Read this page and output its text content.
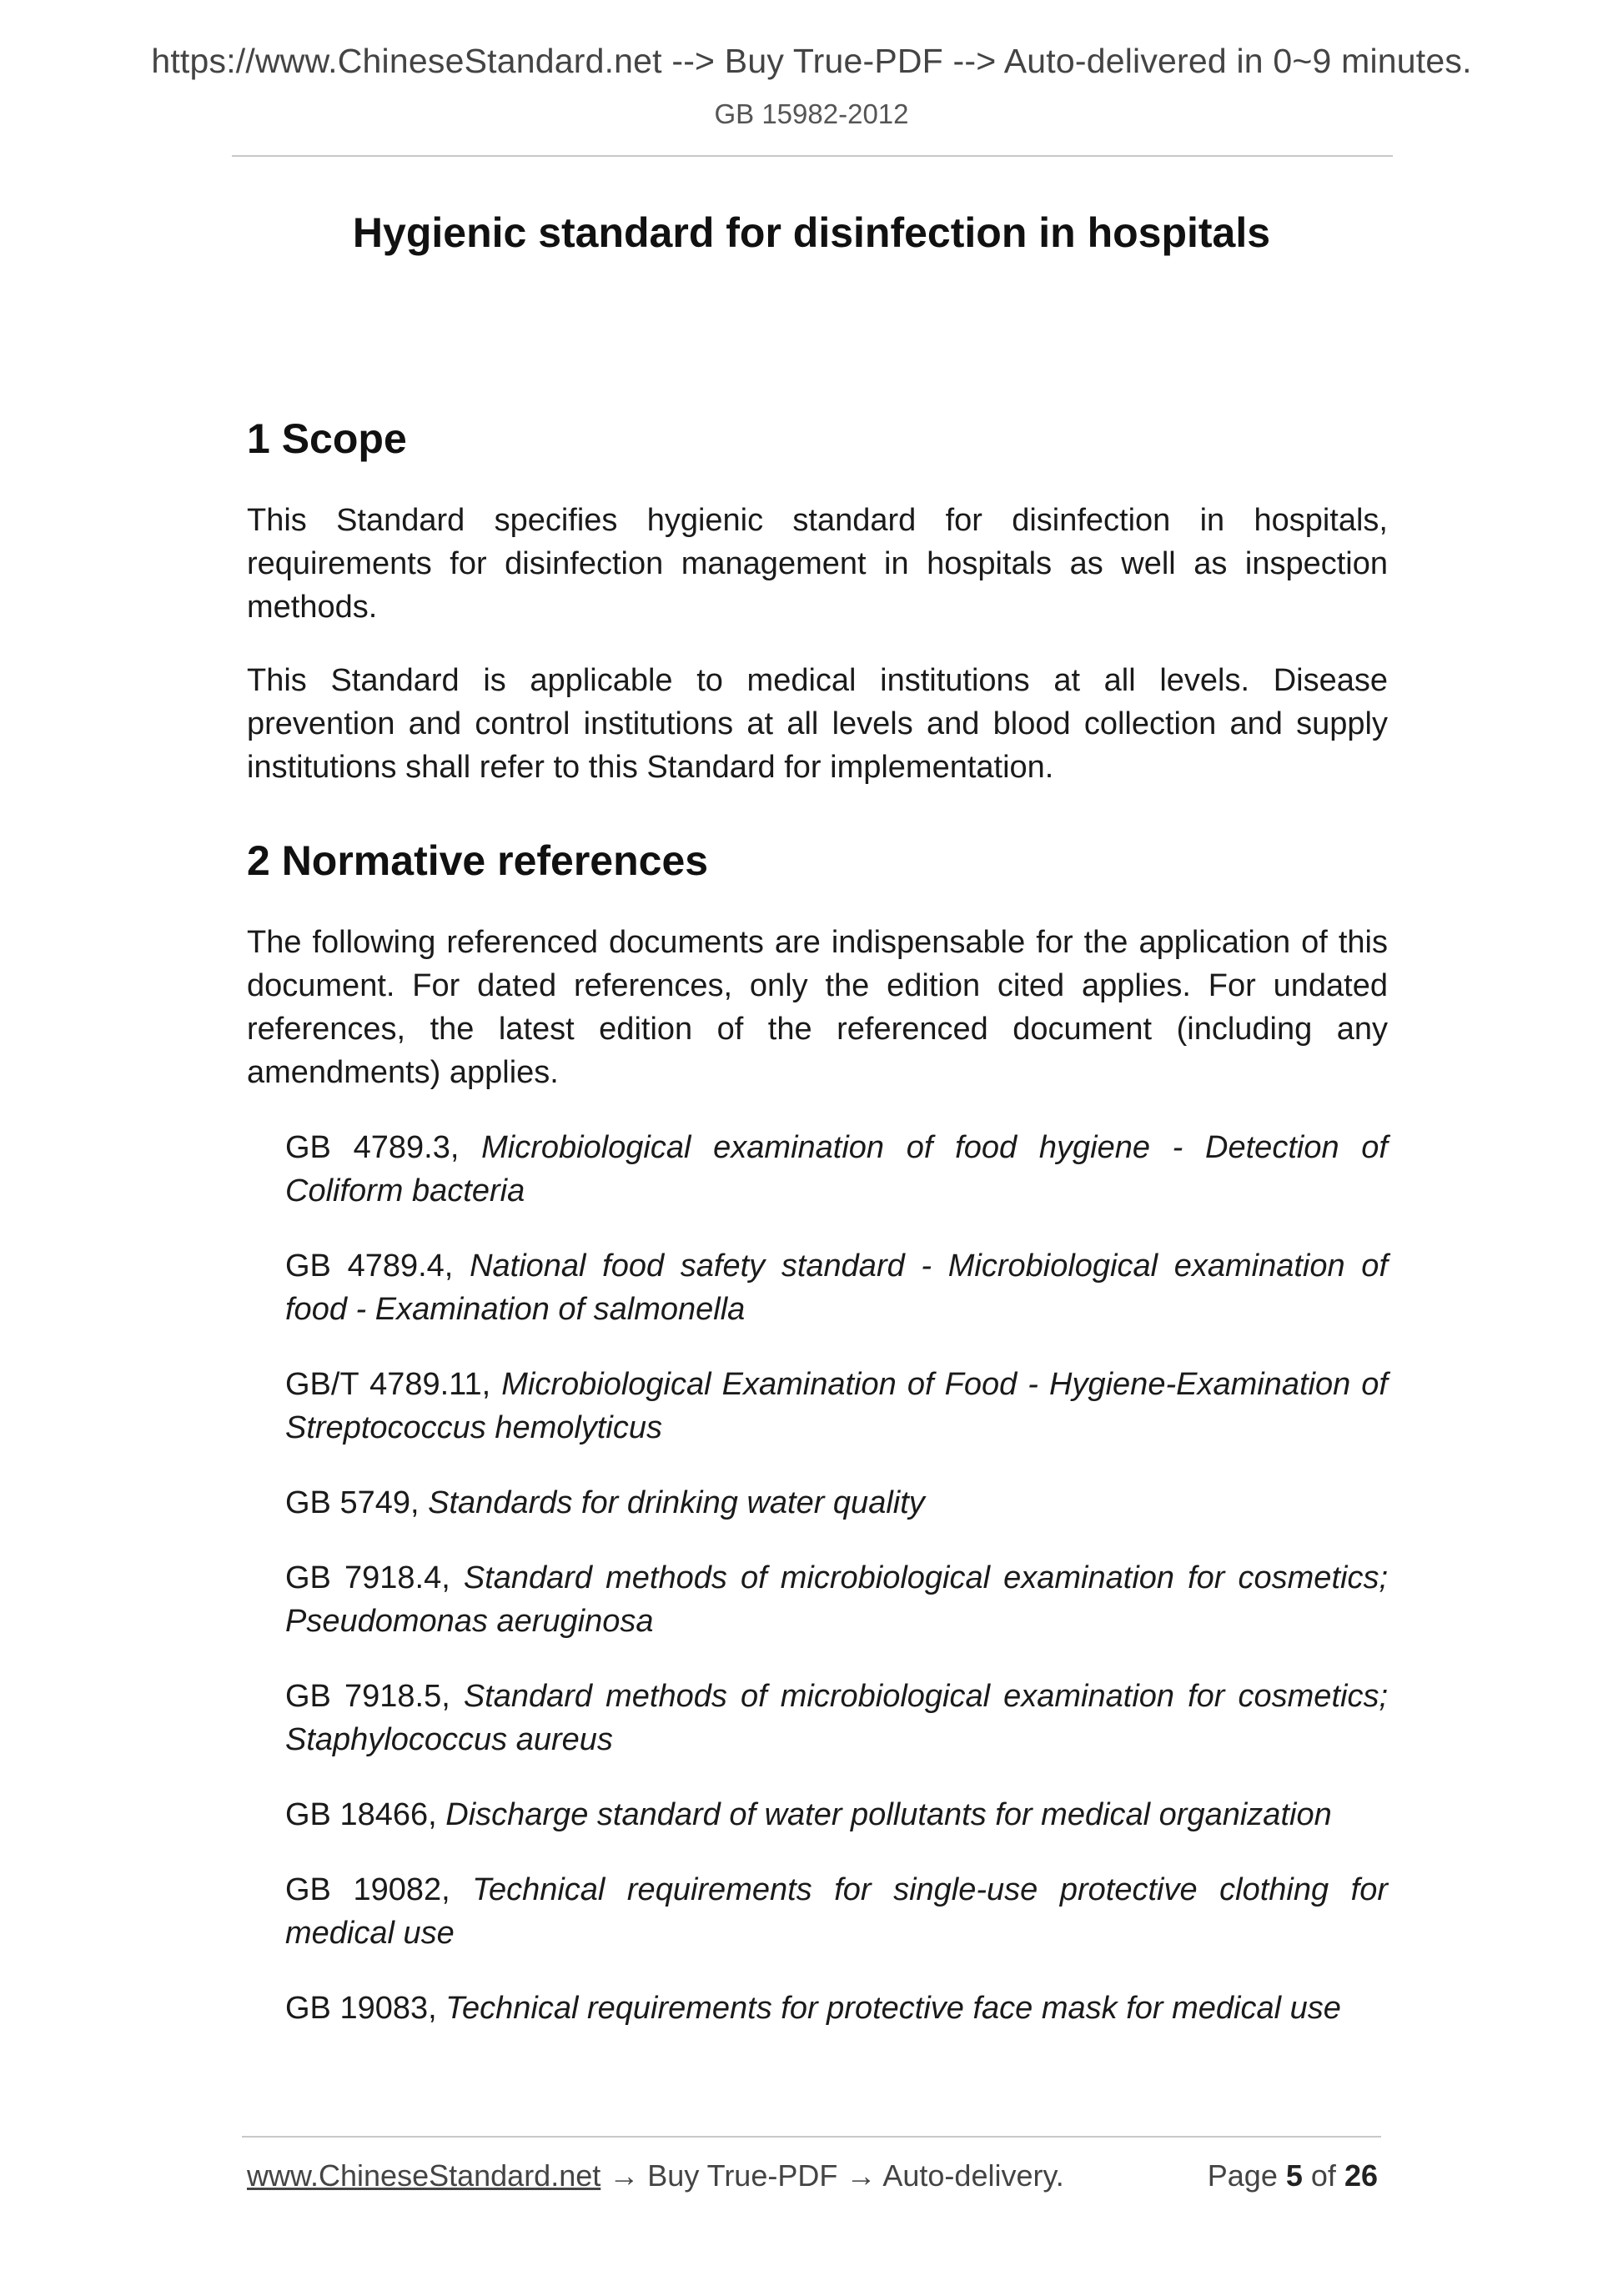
https://www.ChineseStandard.net --> Buy True-PDF --> Auto-delivered in 0~9 minutes.
GB 15982-2012
Hygienic standard for disinfection in hospitals
1 Scope

This Standard specifies hygienic standard for disinfection in hospitals, requirements for disinfection management in hospitals as well as inspection methods.

This Standard is applicable to medical institutions at all levels. Disease prevention and control institutions at all levels and blood collection and supply institutions shall refer to this Standard for implementation.

2 Normative references

The following referenced documents are indispensable for the application of this document. For dated references, only the edition cited applies. For undated references, the latest edition of the referenced document (including any amendments) applies.

GB 4789.3, Microbiological examination of food hygiene - Detection of Coliform bacteria

GB 4789.4, National food safety standard - Microbiological examination of food - Examination of salmonella

GB/T 4789.11, Microbiological Examination of Food - Hygiene-Examination of Streptococcus hemolyticus

GB 5749, Standards for drinking water quality

GB 7918.4, Standard methods of microbiological examination for cosmetics; Pseudomonas aeruginosa

GB 7918.5, Standard methods of microbiological examination for cosmetics; Staphylococcus aureus

GB 18466, Discharge standard of water pollutants for medical organization

GB 19082, Technical requirements for single-use protective clothing for medical use

GB 19083, Technical requirements for protective face mask for medical use

www.ChineseStandard.net → Buy True-PDF → Auto-delivery.	Page 5 of 26
